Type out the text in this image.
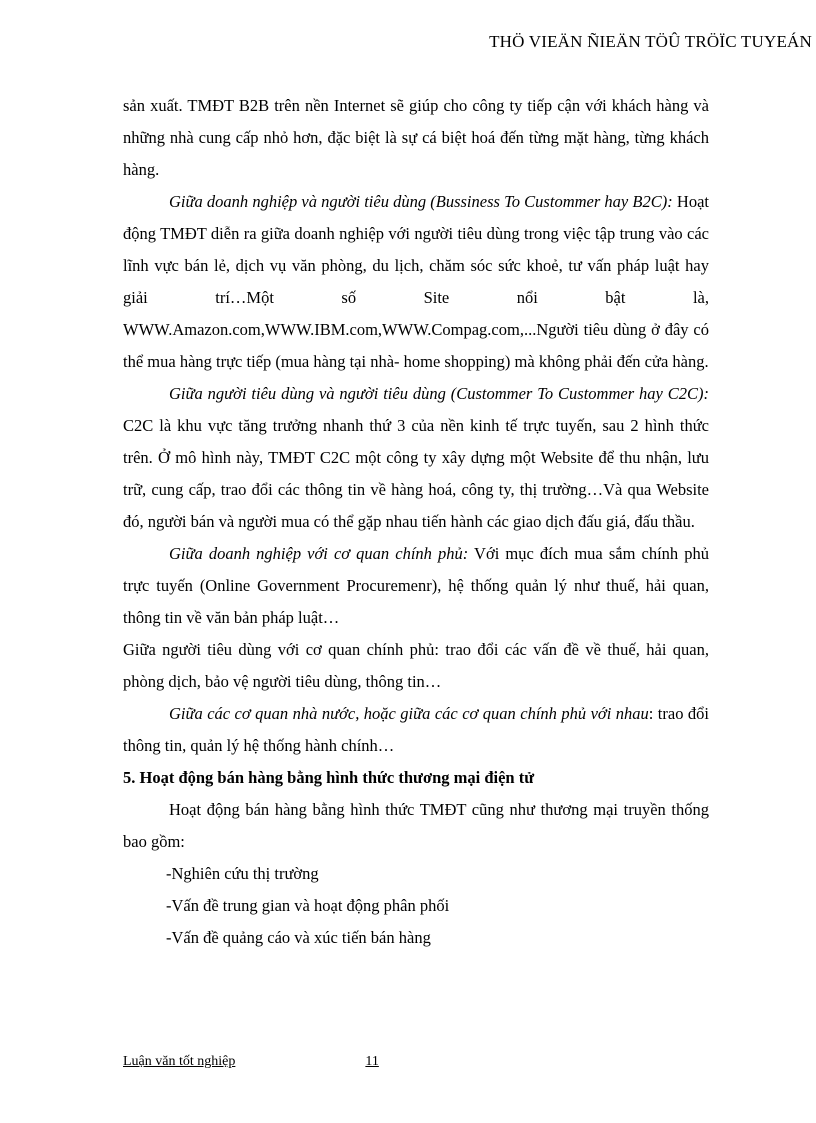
THÖ VIEÄN ÑIEÄN TÖÛ TRÖÏC TUYEÁN

sản xuất. TMĐT B2B trên nền Internet sẽ giúp cho công ty tiếp cận với khách hàng và những nhà cung cấp nhỏ hơn, đặc biệt là sự cá biệt hoá đến từng mặt hàng, từng khách hàng.

Giữa doanh nghiệp và người tiêu dùng (Bussiness To Custommer hay B2C): Hoạt động TMĐT diễn ra giữa doanh nghiệp với người tiêu dùng trong việc tập trung vào các lĩnh vực bán lẻ, dịch vụ văn phòng, du lịch, chăm sóc sức khoẻ, tư vấn pháp luật hay giải trí…Một số Site nổi bật là, WWW.Amazon.com,WWW.IBM.com,WWW.Compag.com,...Người tiêu dùng ở đây có thể mua hàng trực tiếp (mua hàng tại nhà- home shopping) mà không phải đến cửa hàng.

Giữa người tiêu dùng và người tiêu dùng (Custommer To Custommer hay C2C): C2C là khu vực tăng trưởng nhanh thứ 3 của nền kinh tế trực tuyến, sau 2 hình thức trên. Ở mô hình này, TMĐT C2C một công ty xây dựng một Website để thu nhận, lưu trữ, cung cấp, trao đổi các thông tin về hàng hoá, công ty, thị trường…Và qua Website đó, người bán và người mua có thể gặp nhau tiến hành các giao dịch đấu giá, đấu thầu.

Giữa doanh nghiệp với cơ quan chính phủ: Với mục đích mua sắm chính phủ trực tuyến (Online Government Procuremenr), hệ thống quản lý như thuế, hải quan, thông tin về văn bản pháp luật…

Giữa người tiêu dùng với cơ quan chính phủ: trao đổi các vấn đề về thuế, hải quan, phòng dịch, bảo vệ người tiêu dùng, thông tin…

Giữa các cơ quan nhà nước, hoặc giữa các cơ quan chính phủ với nhau: trao đổi thông tin, quản lý hệ thống hành chính…

5. Hoạt động bán hàng bằng hình thức thương mại điện tử

Hoạt động bán hàng bằng hình thức TMĐT cũng như thương mại truyền thống bao gồm:

-Nghiên cứu thị trường

-Vấn đề trung gian và hoạt động phân phối

-Vấn đề quảng cáo và xúc tiến bán hàng

Luận văn tốt nghiệp	11
